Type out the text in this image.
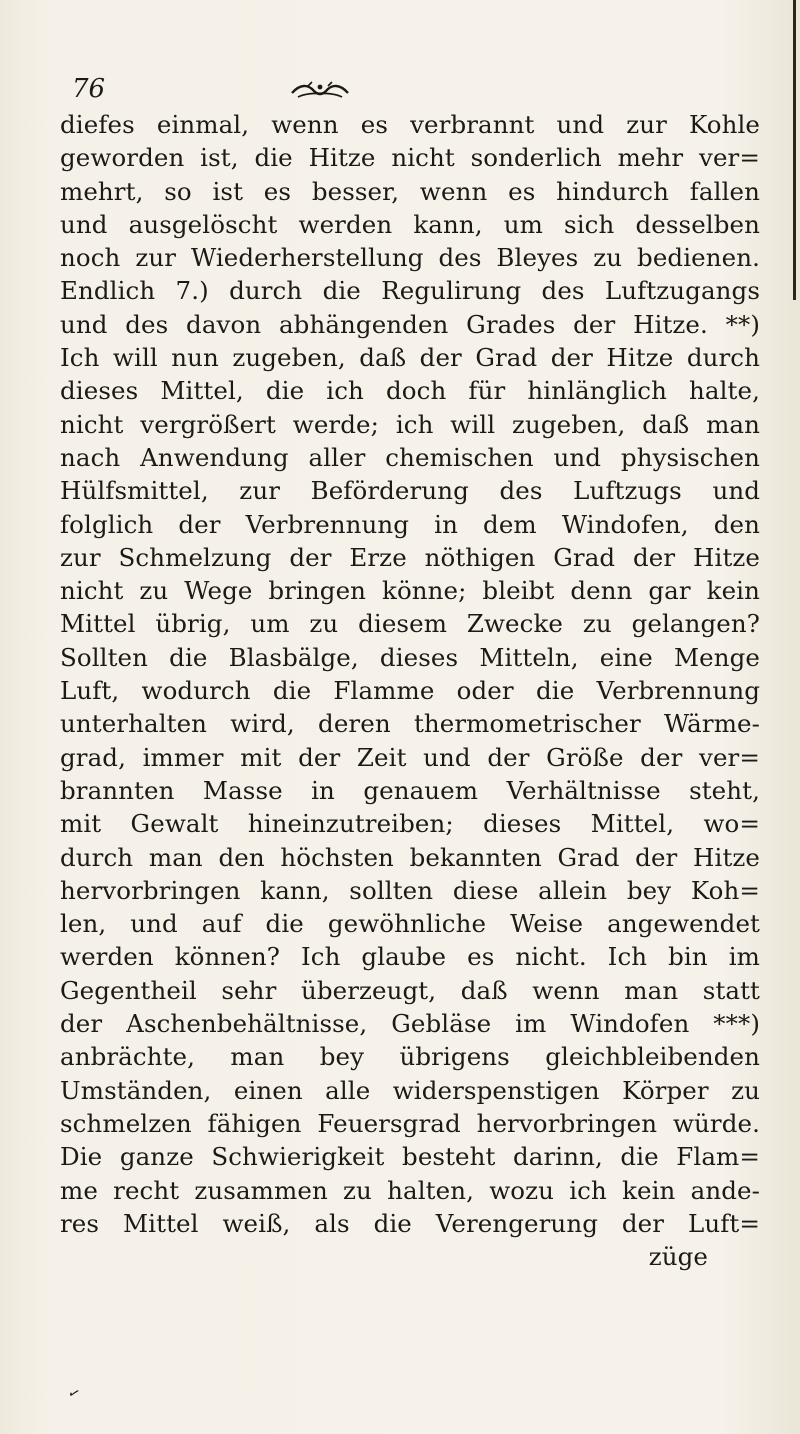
76
diefes einmal, wenn es verbrannt und zur Kohle
geworden ist, die Hitze nicht sonderlich mehr ver=
mehrt, so ist es besser, wenn es hindurch fallen
und ausgelöscht werden kann, um sich desselben
noch zur Wiederherstellung des Bleyes zu bedienen.
Endlich 7.) durch die Regulirung des Luftzugangs
und des davon abhängenden Grades der Hitze. **)
Ich will nun zugeben, daß der Grad der Hitze durch
dieses Mittel, die ich doch für hinlänglich halte,
nicht vergrößert werde; ich will zugeben, daß man
nach Anwendung aller chemischen und physischen
Hülfsmittel, zur Beförderung des Luftzugs und
folglich der Verbrennung in dem Windofen, den
zur Schmelzung der Erze nöthigen Grad der Hitze
nicht zu Wege bringen könne; bleibt denn gar kein
Mittel übrig, um zu diesem Zwecke zu gelangen?
Sollten die Blasbälge, dieses Mitteln, eine Menge
Luft, wodurch die Flamme oder die Verbrennung
unterhalten wird, deren thermometrischer Wärme-
grad, immer mit der Zeit und der Größe der ver=
brannten Masse in genauem Verhältnisse steht,
mit Gewalt hineinzutreiben; dieses Mittel, wo=
durch man den höchsten bekannten Grad der Hitze
hervorbringen kann, sollten diese allein bey Koh=
len, und auf die gewöhnliche Weise angewendet
werden können? Ich glaube es nicht. Ich bin im
Gegentheil sehr überzeugt, daß wenn man statt
der Aschenbehältnisse, Gebläse im Windofen ***)
anbrächte, man bey übrigens gleichbleibenden
Umständen, einen alle widerspenstigen Körper zu
schmelzen fähigen Feuersgrad hervorbringen würde.
Die ganze Schwierigkeit besteht darinn, die Flam=
me recht zusammen zu halten, wozu ich kein ande-
res Mittel weiß, als die Verengerung der Luft=
züge
✓
